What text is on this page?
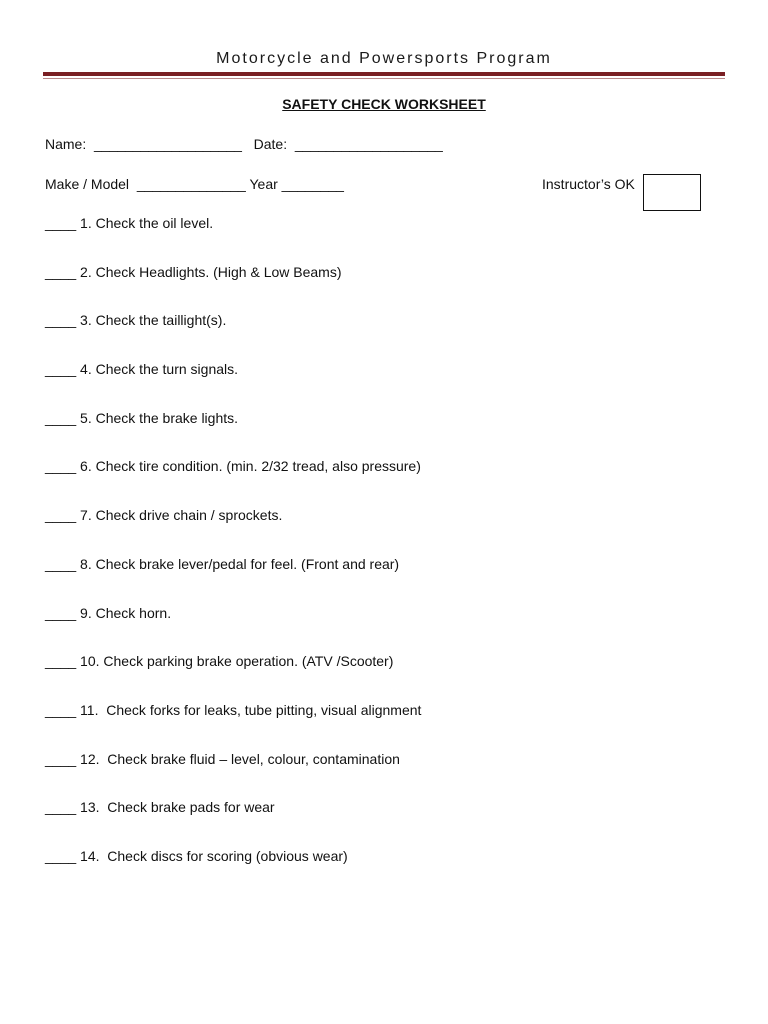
Motorcycle and Powersports Program
SAFETY CHECK WORKSHEET
Name: ___________________ Date: ___________________
Make / Model ______________ Year ________	Instructor’s OK
____ 1. Check the oil level.
____ 2. Check Headlights. (High & Low Beams)
____ 3. Check the taillight(s).
____ 4. Check the turn signals.
____ 5. Check the brake lights.
____ 6. Check tire condition. (min. 2/32 tread, also pressure)
____ 7. Check drive chain / sprockets.
____ 8. Check brake lever/pedal for feel. (Front and rear)
____ 9. Check horn.
____ 10. Check parking brake operation. (ATV /Scooter)
____ 11.  Check forks for leaks, tube pitting, visual alignment
____ 12.  Check brake fluid – level, colour, contamination
____ 13.  Check brake pads for wear
____ 14.  Check discs for scoring (obvious wear)
